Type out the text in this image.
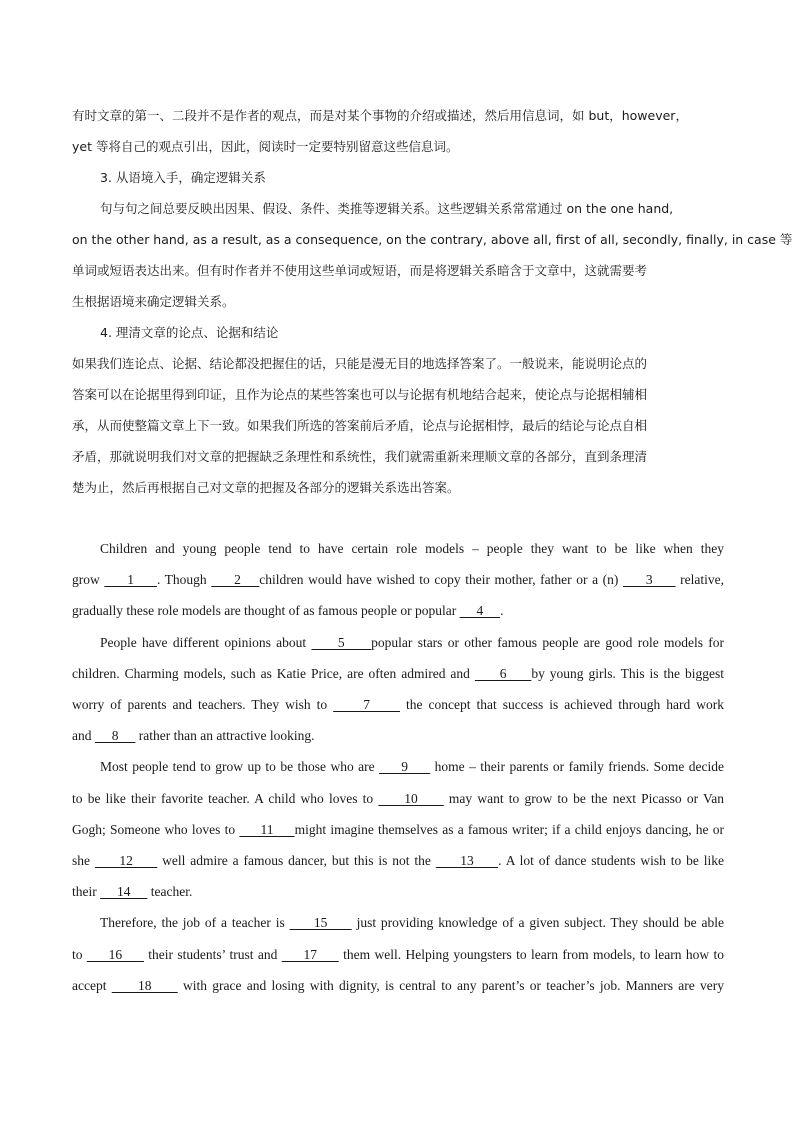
有时文章的第一、二段并不是作者的观点，而是对某个事物的介绍或描述，然后用信息词，如 but，however，

yet 等将自己的观点引出，因此，阅读时一定要特别留意这些信息词。

3. 从语境入手，确定逻辑关系

句与句之间总要反映出因果、假设、条件、类推等逻辑关系。这些逻辑关系常常通过 on the one hand,

on the other hand, as a result, as a consequence, on the contrary, above all, first of all, secondly, finally, in case 等

单词或短语表达出来。但有时作者并不使用这些单词或短语，而是将逻辑关系暗含于文章中，这就需要考

生根据语境来确定逻辑关系。

4. 理清文章的论点、论据和结论

如果我们连论点、论据、结论都没把握住的话，只能是漫无目的地选择答案了。一般说来，能说明论点的

答案可以在论据里得到印证，且作为论点的某些答案也可以与论据有机地结合起来，使论点与论据相辅相

承，从而使整篇文章上下一致。如果我们所选的答案前后矛盾，论点与论据相悖，最后的结论与论点自相

矛盾，那就说明我们对文章的把握缺乏条理性和系统性，我们就需重新来理顺文章的各部分，直到条理清

楚为止，然后再根据自己对文章的把握及各部分的逻辑关系选出答案。

Children and young people tend to have certain role models – people they want to be like when they

grow      1     . Though      2    children would have wished to copy their mother, father or a (n)      3      relative,

gradually these role models are thought of as famous people or popular      4     .

People have different opinions about      5     popular stars or other famous people are good role models for

children. Charming models, such as Katie Price, are often admired and      6     by young girls. This is the biggest

worry of parents and teachers. They wish to      7      the concept that success is achieved through hard work

and      8      rather than an attractive looking.

Most people tend to grow up to be those who are      9      home – their parents or family friends. Some decide

to be like their favorite teacher. A child who loves to      10      may want to grow to be the next Picasso or Van

Gogh; Someone who loves to      11     might imagine themselves as a famous writer; if a child enjoys dancing, he or

she      12      well admire a famous dancer, but this is not the      13     . A lot of dance students wish to be like

their      14      teacher.

Therefore, the job of a teacher is      15      just providing knowledge of a given subject. They should be able

to      16      their students’ trust and      17      them well. Helping youngsters to learn from models, to learn how to

accept      18      with grace and losing with dignity, is central to any parent’s or teacher’s job. Manners are very
